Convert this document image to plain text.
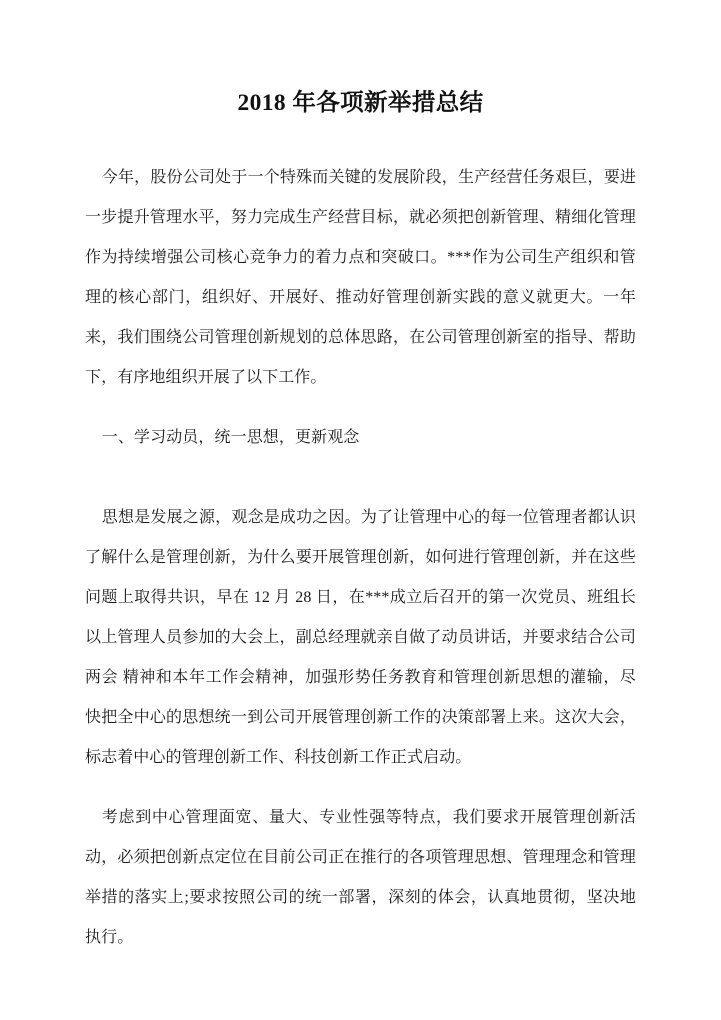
2018 年各项新举措总结

今年，股份公司处于一个特殊而关键的发展阶段，生产经营任务艰巨，要进一步提升管理水平，努力完成生产经营目标，就必须把创新管理、精细化管理作为持续增强公司核心竞争力的着力点和突破口。***作为公司生产组织和管理的核心部门，组织好、开展好、推动好管理创新实践的意义就更大。一年来，我们围绕公司管理创新规划的总体思路，在公司管理创新室的指导、帮助下，有序地组织开展了以下工作。

一、学习动员，统一思想，更新观念

思想是发展之源，观念是成功之因。为了让管理中心的每一位管理者都认识了解什么是管理创新，为什么要开展管理创新，如何进行管理创新，并在这些问题上取得共识，早在 12 月 28 日，在***成立后召开的第一次党员、班组长以上管理人员参加的大会上，副总经理就亲自做了动员讲话，并要求结合公司 两会 精神和本年工作会精神，加强形势任务教育和管理创新思想的灌输，尽快把全中心的思想统一到公司开展管理创新工作的决策部署上来。这次大会，标志着中心的管理创新工作、科技创新工作正式启动。

考虑到中心管理面宽、量大、专业性强等特点，我们要求开展管理创新活动，必须把创新点定位在目前公司正在推行的各项管理思想、管理理念和管理举措的落实上;要求按照公司的统一部署，深刻的体会，认真地贯彻，坚决地执行。
